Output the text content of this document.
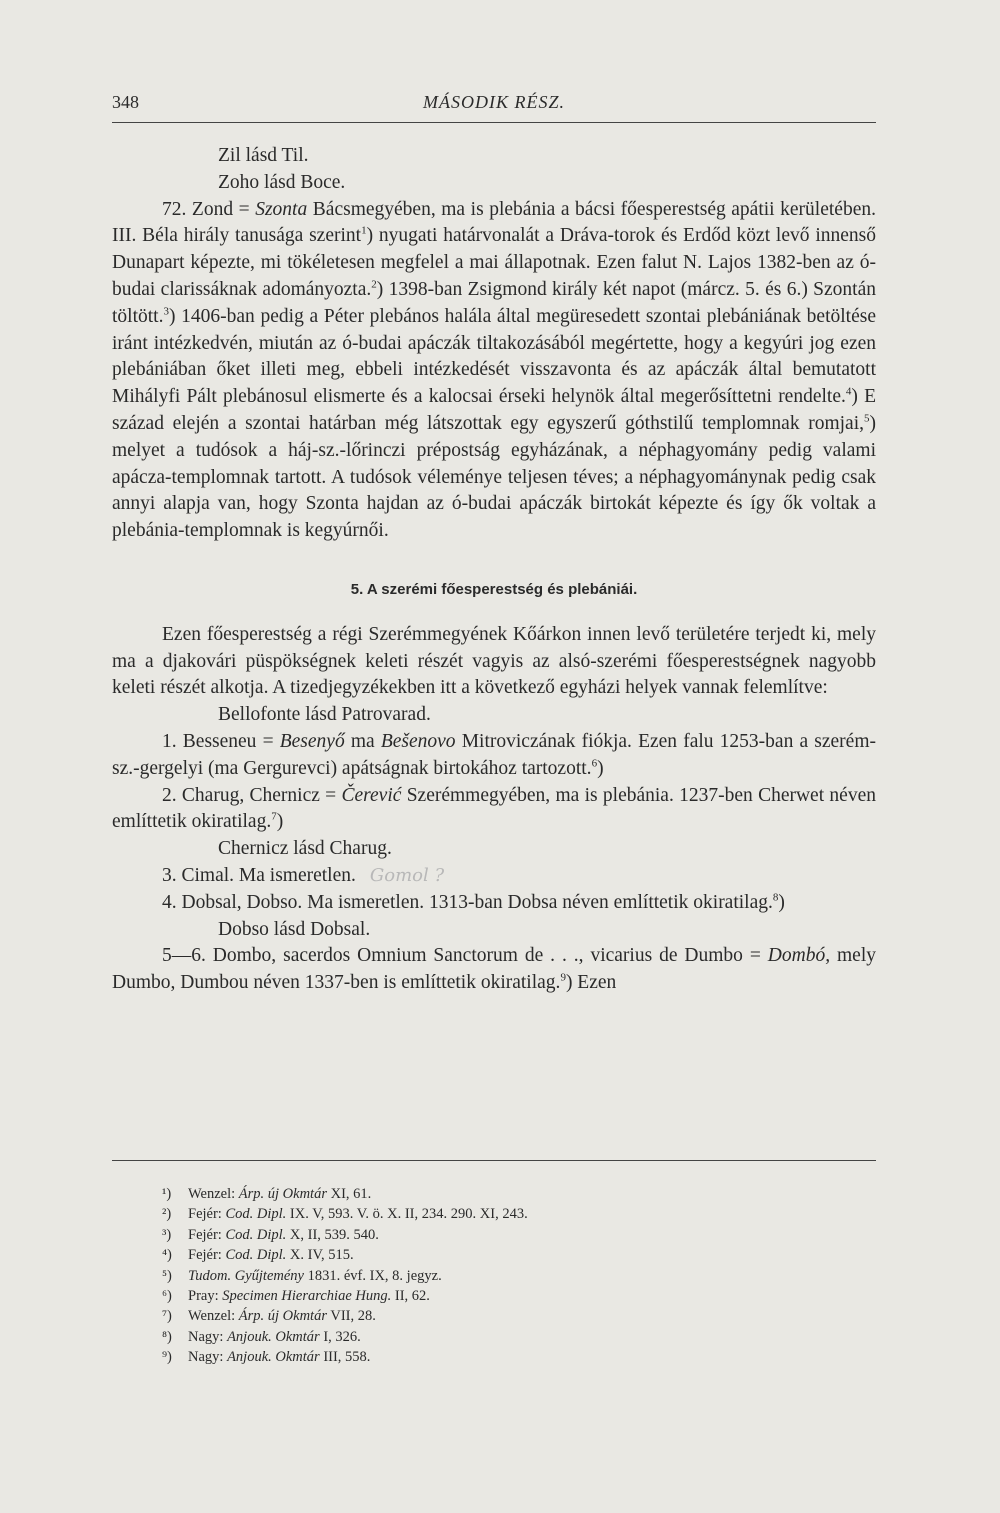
348	MÁSODIK RÉSZ.

Zil lásd Til.

Zoho lásd Boce.

72. Zond = Szonta Bácsmegyében, ma is plebánia a bácsi főesperestség apátii kerületében. III. Béla hirály tanusága szerint$^1$) nyugati határvonalát a Dráva-torok és Erdőd közt levő innenső Dunapart képezte, mi tökéletesen megfelel a mai állapotnak. Ezen falut N. Lajos 1382-ben az ó-budai clarissáknak adományozta.$^2$) 1398-ban Zsigmond király két napot (márcz. 5. és 6.) Szontán töltött.$^3$) 1406-ban pedig a Péter plebános halála által megüresedett szontai plebániának betöltése iránt intézkedvén, miután az ó-budai apáczák tiltakozásából megértette, hogy a kegyúri jog ezen plebániában őket illeti meg, ebbeli intézkedését visszavonta és az apáczák által bemutatott Mihályfi Pált plebánosul elismerte és a kalocsai érseki helynök által megerősíttetni rendelte.$^4$) E század elején a szontai határban még látszottak egy egyszerű góthstilű templomnak romjai,$^5$) melyet a tudósok a háj-sz.-lőrinczi prépostság egyházának, a néphagyomány pedig valami apácza-templomnak tartott. A tudósok véleménye teljesen téves; a néphagyománynak pedig csak annyi alapja van, hogy Szonta hajdan az ó-budai apáczák birtokát képezte és így ők voltak a plebánia-templomnak is kegyúrnői.

5. A szerémi főesperestség és plebániái.

Ezen főesperestség a régi Szerémmegyének Kőárkon innen levő területére terjedt ki, mely ma a djakovári püspökségnek keleti részét vagyis az alsó-szerémi főesperestségnek nagyobb keleti részét alkotja. A tizedjegyzékekben itt a következő egyházi helyek vannak felemlítve:

Bellofonte lásd Patrovarad.

1. Besseneu = Besenyő ma Bešenovo Mitroviczának fiókja. Ezen falu 1253-ban a szerém-sz.-gergelyi (ma Gergurevci) apátságnak birtokához tartozott.$^6$)

2. Charug, Chernicz = Čerević Szerémmegyében, ma is plebánia. 1237-ben Cherwet néven említtetik okiratilag.$^7$)

Chernicz lásd Charug.

3. Cimal. Ma ismeretlen. Gomol ?

4. Dobsal, Dobso. Ma ismeretlen. 1313-ban Dobsa néven említtetik okiratilag.$^8$)

Dobso lásd Dobsal.

5—6. Dombo, sacerdos Omnium Sanctorum de . . ., vicarius de Dumbo = Dombó, mely Dumbo, Dumbou néven 1337-ben is említtetik okiratilag.$^9$) Ezen

¹) Wenzel: Árp. új Okmtár XI, 61.

²) Fejér: Cod. Dipl. IX. V, 593. V. ö. X. II, 234. 290. XI, 243.

³) Fejér: Cod. Dipl. X, II, 539. 540.

⁴) Fejér: Cod. Dipl. X. IV, 515.

⁵) Tudom. Gyűjtemény 1831. évf. IX, 8. jegyz.

⁶) Pray: Specimen Hierarchiae Hung. II, 62.

⁷) Wenzel: Árp. új Okmtár VII, 28.

⁸) Nagy: Anjouk. Okmtár I, 326.

⁹) Nagy: Anjouk. Okmtár III, 558.
